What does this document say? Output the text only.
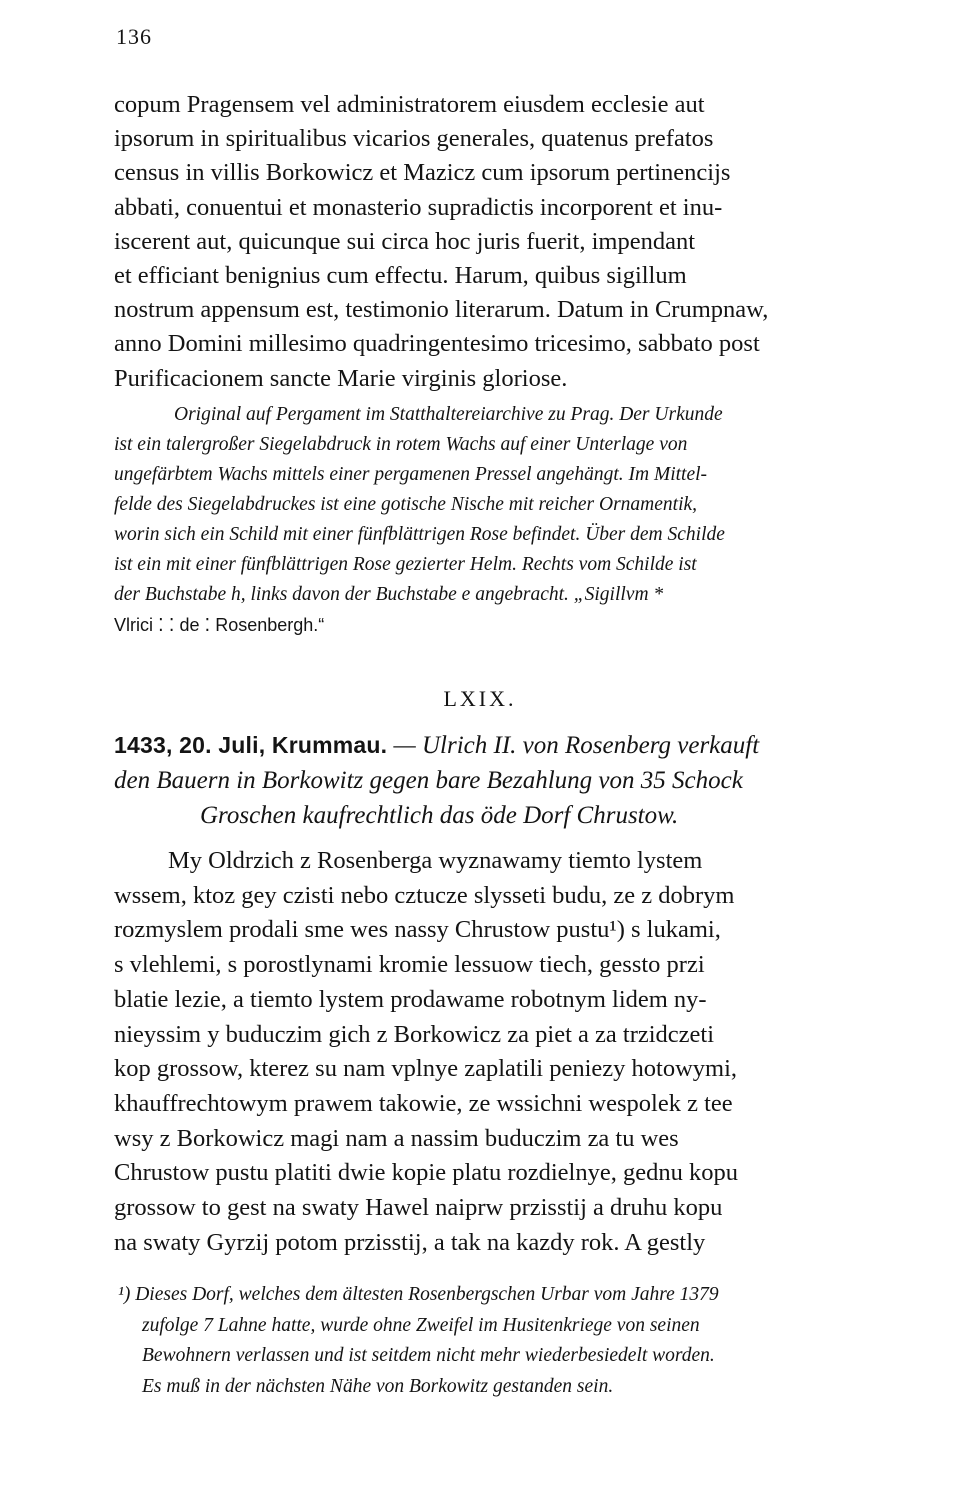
136
copum Pragensem vel administratorem eiusdem ecclesie aut
ipsorum in spiritualibus vicarios generales, quatenus prefatos
census in villis Borkowicz et Mazicz cum ipsorum pertinencijs
abbati, conuentui et monasterio supradictis incorporent et inu-
iscerent aut, quicunque sui circa hoc juris fuerit, impendant
et efficiant benignius cum effectu. Harum, quibus sigillum
nostrum appensum est, testimonio literarum. Datum in Crumpnaw,
anno Domini millesimo quadringentesimo tricesimo, sabbato post
Purificacionem sancte Marie virginis gloriose.
Original auf Pergament im Statthaltereiarchive zu Prag. Der Urkunde
ist ein talergroßer Siegelabdruck in rotem Wachs auf einer Unterlage von
ungefärbtem Wachs mittels einer pergamenen Pressel angehängt. Im Mittel-
felde des Siegelabdruckes ist eine gotische Nische mit reicher Ornamentik,
worin sich ein Schild mit einer fünfblättrigen Rose befindet. Über dem Schilde
ist ein mit einer fünfblättrigen Rose gezierter Helm. Rechts vom Schilde ist
der Buchstabe h, links davon der Buchstabe e angebracht. „Sigillvm *
Vlrici ⁚ ⁚ de ⁚ Rosenbergh.“
LXIX.
1433, 20. Juli, Krummau. — Ulrich II. von Rosenberg verkauft
den Bauern in Borkowitz gegen bare Bezahlung von 35 Schock
Groschen kaufrechtlich das öde Dorf Chrustow.
My Oldrzich z Rosenberga wyznawamy tiemto lystem
wssem, ktoz gey czisti nebo cztucze slysseti budu, ze z dobrym
rozmyslem prodali sme wes nassy Chrustow pustu¹) s lukami,
s vlehlemi, s porostlynami kromie lessuow tiech, gessto przi
blatie lezie, a tiemto lystem prodawame robotnym lidem ny-
nieyssim y buduczim gich z Borkowicz za piet a za trzidczeti
kop grossow, kterez su nam vplnye zaplatili peniezy hotowymi,
khauffrechtowym prawem takowie, ze wssichni wespolek z tee
wsy z Borkowicz magi nam a nassim buduczim za tu wes
Chrustow pustu platiti dwie kopie platu rozdielnye, gednu kopu
grossow to gest na swaty Hawel naiprw przisstij a druhu kopu
na swaty Gyrzij potom przisstij, a tak na kazdy rok. A gestly
¹) Dieses Dorf, welches dem ältesten Rosenbergschen Urbar vom Jahre 1379
zufolge 7 Lahne hatte, wurde ohne Zweifel im Husitenkriege von seinen
Bewohnern verlassen und ist seitdem nicht mehr wiederbesiedelt worden.
Es muß in der nächsten Nähe von Borkowitz gestanden sein.
